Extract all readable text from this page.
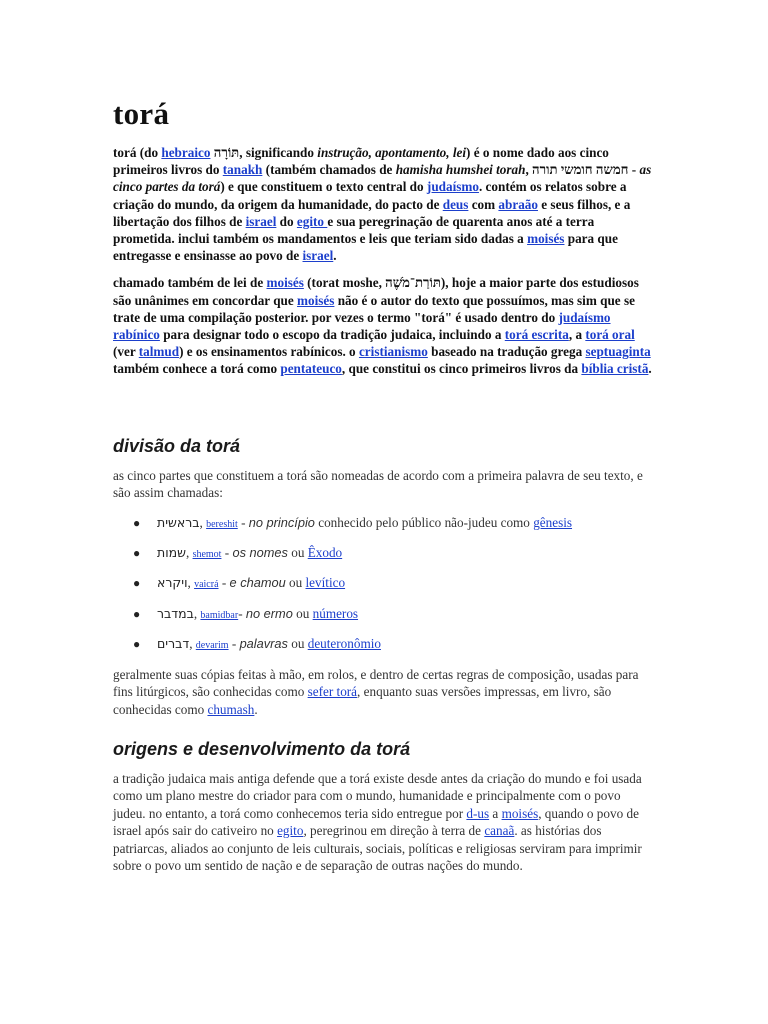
torá

torá (do hebraico תּוֹרָה, significando instrução, apontamento, lei) é o nome dado aos cinco primeiros livros do tanakh (também chamados de hamisha humshei torah, חמשה חומשי תורה - as cinco partes da torá) e que constituem o texto central do judaísmo. contém os relatos sobre a criação do mundo, da origem da humanidade, do pacto de deus com abraão e seus filhos, e a libertação dos filhos de israel do egito e sua peregrinação de quarenta anos até a terra prometida. inclui também os mandamentos e leis que teriam sido dadas a moisés para que entregasse e ensinasse ao povo de israel.

chamado também de lei de moisés (torat moshe, תּוֹרַת־מֹשֶׁה), hoje a maior parte dos estudiosos são unânimes em concordar que moisés não é o autor do texto que possuímos, mas sim que se trate de uma compilação posterior. por vezes o termo "torá" é usado dentro do judaísmo rabínico para designar todo o escopo da tradição judaica, incluindo a torá escrita, a torá oral (ver talmud) e os ensinamentos rabínicos. o cristianismo baseado na tradução grega septuaginta também conhece a torá como pentateuco, que constitui os cinco primeiros livros da bíblia cristã.

divisão da torá

as cinco partes que constituem a torá são nomeadas de acordo com a primeira palavra de seu texto, e são assim chamadas:

● בראשית, bereshit - no princípio conhecido pelo público não-judeu como gênesis
● שמות, shemot - os nomes ou Êxodo
● ויקרא, vaicrá - e chamou ou levítico
● במדבר, bamidbar- no ermo ou números
● דברים, devarim - palavras ou deuteronômio

geralmente suas cópias feitas à mão, em rolos, e dentro de certas regras de composição, usadas para fins litúrgicos, são conhecidas como sefer torá, enquanto suas versões impressas, em livro, são conhecidas como chumash.

origens e desenvolvimento da torá

a tradição judaica mais antiga defende que a torá existe desde antes da criação do mundo e foi usada como um plano mestre do criador para com o mundo, humanidade e principalmente com o povo judeu. no entanto, a torá como conhecemos teria sido entregue por d-us a moisés, quando o povo de israel após sair do cativeiro no egito, peregrinou em direção à terra de canaã. as histórias dos patriarcas, aliados ao conjunto de leis culturais, sociais, políticas e religiosas serviram para imprimir sobre o povo um sentido de nação e de separação de outras nações do mundo.
